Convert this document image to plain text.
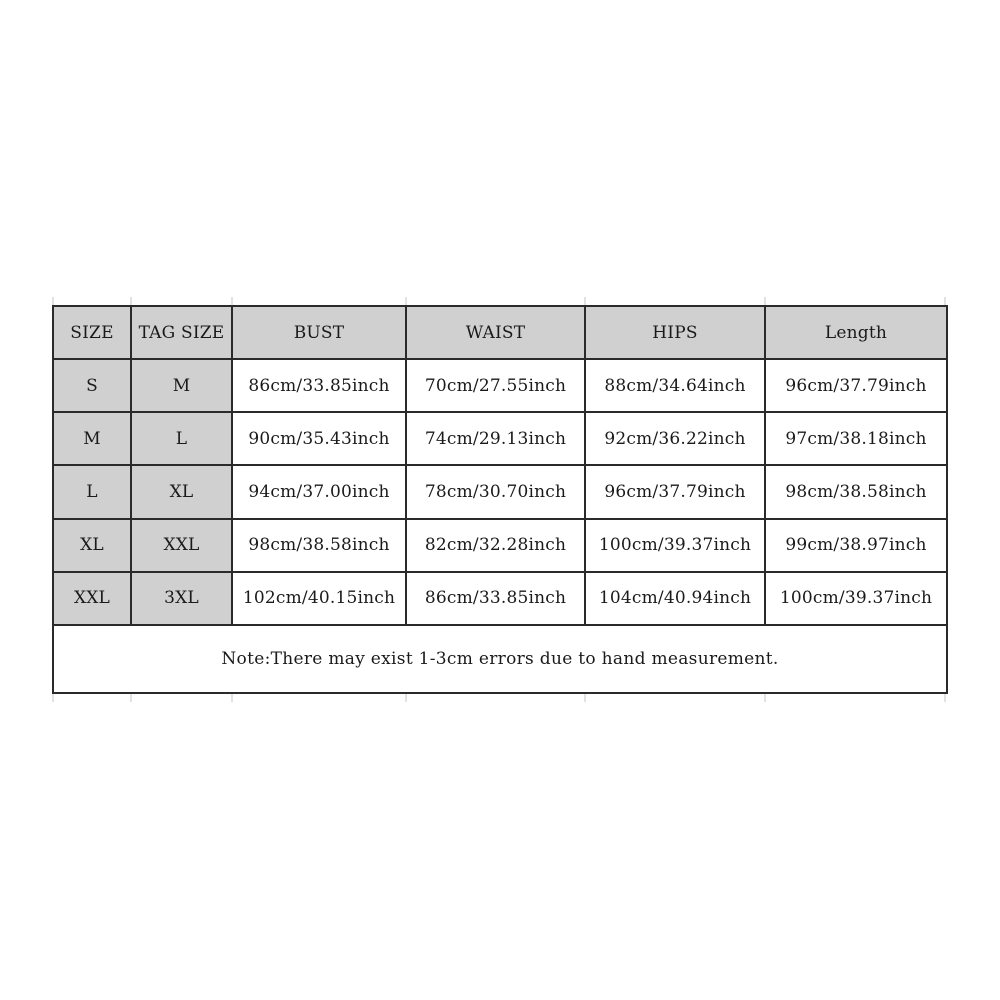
SIZE	TAG SIZE	BUST	WAIST	HIPS	Length
S	M	86cm/33.85inch	70cm/27.55inch	88cm/34.64inch	96cm/37.79inch
M	L	90cm/35.43inch	74cm/29.13inch	92cm/36.22inch	97cm/38.18inch
L	XL	94cm/37.00inch	78cm/30.70inch	96cm/37.79inch	98cm/38.58inch
XL	XXL	98cm/38.58inch	82cm/32.28inch	100cm/39.37inch	99cm/38.97inch
XXL	3XL	102cm/40.15inch	86cm/33.85inch	104cm/40.94inch	100cm/39.37inch
Note:There may exist 1-3cm errors due to hand measurement.					
